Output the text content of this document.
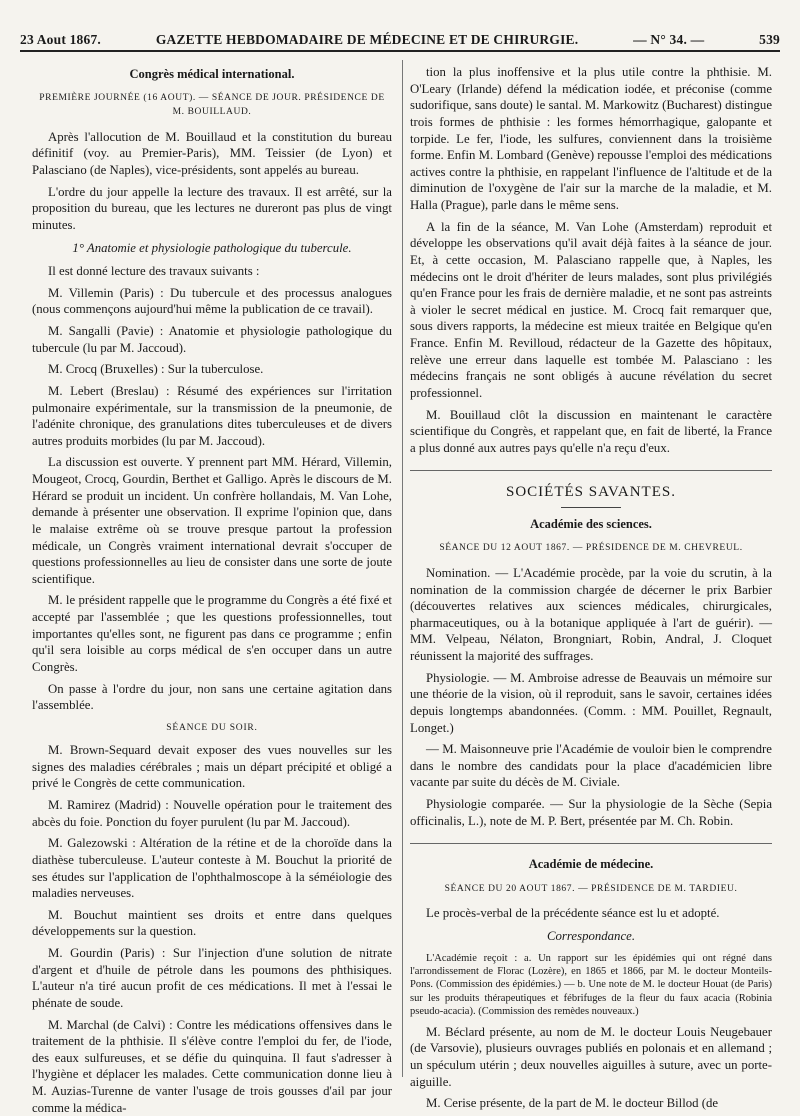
23 Aout 1867.	GAZETTE HEBDOMADAIRE DE MÉDECINE ET DE CHIRURGIE.	— N° 34. —	539
Congrès médical international.
PREMIÈRE JOURNÉE (16 AOUT). — SÉANCE DE JOUR. PRÉSIDENCE DE M. BOUILLAUD.

Après l'allocution de M. Bouillaud et la constitution du bureau définitif (voy. au Premier-Paris), MM. Teissier (de Lyon) et Palasciano (de Naples), vice-présidents, sont appelés au bureau.

L'ordre du jour appelle la lecture des travaux. Il est arrêté, sur la proposition du bureau, que les lectures ne dureront pas plus de vingt minutes.

1° Anatomie et physiologie pathologique du tubercule.

Il est donné lecture des travaux suivants :

M. Villemin (Paris) : Du tubercule et des processus analogues (nous commençons aujourd'hui même la publication de ce travail).

M. Sangalli (Pavie) : Anatomie et physiologie pathologique du tubercule (lu par M. Jaccoud).

M. Crocq (Bruxelles) : Sur la tuberculose.

M. Lebert (Breslau) : Résumé des expériences sur l'irritation pulmonaire expérimentale, sur la transmission de la pneumonie, de l'adénite chronique, des granulations dites tuberculeuses et de divers autres produits morbides (lu par M. Jaccoud).

La discussion est ouverte. Y prennent part MM. Hérard, Villemin, Mougeot, Crocq, Gourdin, Berthet et Galligo. Après le discours de M. Hérard se produit un incident. Un confrère hollandais, M. Van Lohe, demande à présenter une observation. Il exprime l'opinion que, dans le malaise extrême où se trouve presque partout la profession médicale, un Congrès vraiment international devrait s'occuper de questions professionnelles au lieu de consister dans une sorte de joute scientifique.

M. le président rappelle que le programme du Congrès a été fixé et accepté par l'assemblée ; que les questions professionnelles, tout importantes qu'elles sont, ne figurent pas dans ce programme ; enfin qu'il sera loisible au corps médical de s'en occuper dans un autre Congrès.

On passe à l'ordre du jour, non sans une certaine agitation dans l'assemblée.

SÉANCE DU SOIR.

M. Brown-Sequard devait exposer des vues nouvelles sur les signes des maladies cérébrales ; mais un départ précipité et obligé a privé le Congrès de cette communication.

M. Ramirez (Madrid) : Nouvelle opération pour le traitement des abcès du foie. Ponction du foyer purulent (lu par M. Jaccoud).

M. Galezowski : Altération de la rétine et de la choroïde dans la diathèse tuberculeuse. L'auteur conteste à M. Bouchut la priorité de ses études sur l'application de l'ophthalmoscope à la séméiologie des maladies nerveuses.

M. Bouchut maintient ses droits et entre dans quelques développements sur la question.

M. Gourdin (Paris) : Sur l'injection d'une solution de nitrate d'argent et d'huile de pétrole dans les poumons des phthisiques. L'auteur n'a tiré aucun profit de ces médications. Il met à l'essai le phénate de soude.

M. Marchal (de Calvi) : Contre les médications offensives dans le traitement de la phthisie. Il s'élève contre l'emploi du fer, de l'iode, des eaux sulfureuses, et se défie du quinquina. Il faut s'adresser à l'hygiène et déplacer les malades. Cette communication donne lieu à M. Auzias-Turenne de vanter l'usage de trois gousses d'ail par jour comme la médica-

tion la plus inoffensive et la plus utile contre la phthisie. M. O'Leary (Irlande) défend la médication iodée, et préconise (comme sudorifique, sans doute) le santal. M. Markowitz (Bucharest) distingue trois formes de phthisie : les formes hémorrhagique, galopante et torpide. Le fer, l'iode, les sulfures, conviennent dans la troisième forme. Enfin M. Lombard (Genève) repousse l'emploi des médications actives contre la phthisie, en rappelant l'influence de l'altitude et de la diminution de l'oxygène de l'air sur la marche de la maladie, et M. Halla (Prague), parle dans le même sens.

A la fin de la séance, M. Van Lohe (Amsterdam) reproduit et développe les observations qu'il avait déjà faites à la séance de jour. Et, à cette occasion, M. Palasciano rappelle que, à Naples, les médecins ont le droit d'hériter de leurs malades, sont plus privilégiés qu'en France pour les frais de dernière maladie, et ne sont pas astreints à violer le secret médical en justice. M. Crocq fait remarquer que, sous divers rapports, la médecine est mieux traitée en Belgique qu'en France. Enfin M. Revilloud, rédacteur de la Gazette des hôpitaux, relève une erreur dans laquelle est tombée M. Palasciano : les médecins français ne sont obligés à aucune révélation du secret professionnel.

M. Bouillaud clôt la discussion en maintenant le caractère scientifique du Congrès, et rappelant que, en fait de liberté, la France a plus donné aux autres pays qu'elle n'a reçu d'eux.

SOCIÉTÉS SAVANTES.
Académie des sciences.
SÉANCE DU 12 AOUT 1867. — PRÉSIDENCE DE M. CHEVREUL.

Nomination. — L'Académie procède, par la voie du scrutin, à la nomination de la commission chargée de décerner le prix Barbier (découvertes relatives aux sciences médicales, chirurgicales, pharmaceutiques, ou à la botanique appliquée à l'art de guérir). — MM. Velpeau, Nélaton, Brongniart, Robin, Andral, J. Cloquet réunissent la majorité des suffrages.

Physiologie. — M. Ambroise adresse de Beauvais un mémoire sur une théorie de la vision, où il reproduit, sans le savoir, certaines idées depuis longtemps abandonnées. (Comm. : MM. Pouillet, Regnault, Longet.)

— M. Maisonneuve prie l'Académie de vouloir bien le comprendre dans le nombre des candidats pour la place d'académicien libre vacante par suite du décès de M. Civiale.

Physiologie comparée. — Sur la physiologie de la Sèche (Sepia officinalis, L.), note de M. P. Bert, présentée par M. Ch. Robin.

Académie de médecine.
SÉANCE DU 20 AOUT 1867. — PRÉSIDENCE DE M. TARDIEU.

Le procès-verbal de la précédente séance est lu et adopté.

Correspondance.

L'Académie reçoit : a. Un rapport sur les épidémies qui ont régné dans l'arrondissement de Florac (Lozère), en 1865 et 1866, par M. le docteur Monteils-Pons. (Commission des épidémies.) — b. Une note de M. le docteur Houat (de Paris) sur les produits thérapeutiques et fébrifuges de la fleur du faux acacia (Robinia pseudo-acacia). (Commission des remèdes nouveaux.)

M. Béclard présente, au nom de M. le docteur Louis Neugebauer (de Varsovie), plusieurs ouvrages publiés en polonais et en allemand ; un spéculum utérin ; deux nouvelles aiguilles à suture, avec un porte-aiguille.

M. Cerise présente, de la part de M. le docteur Billod (de
